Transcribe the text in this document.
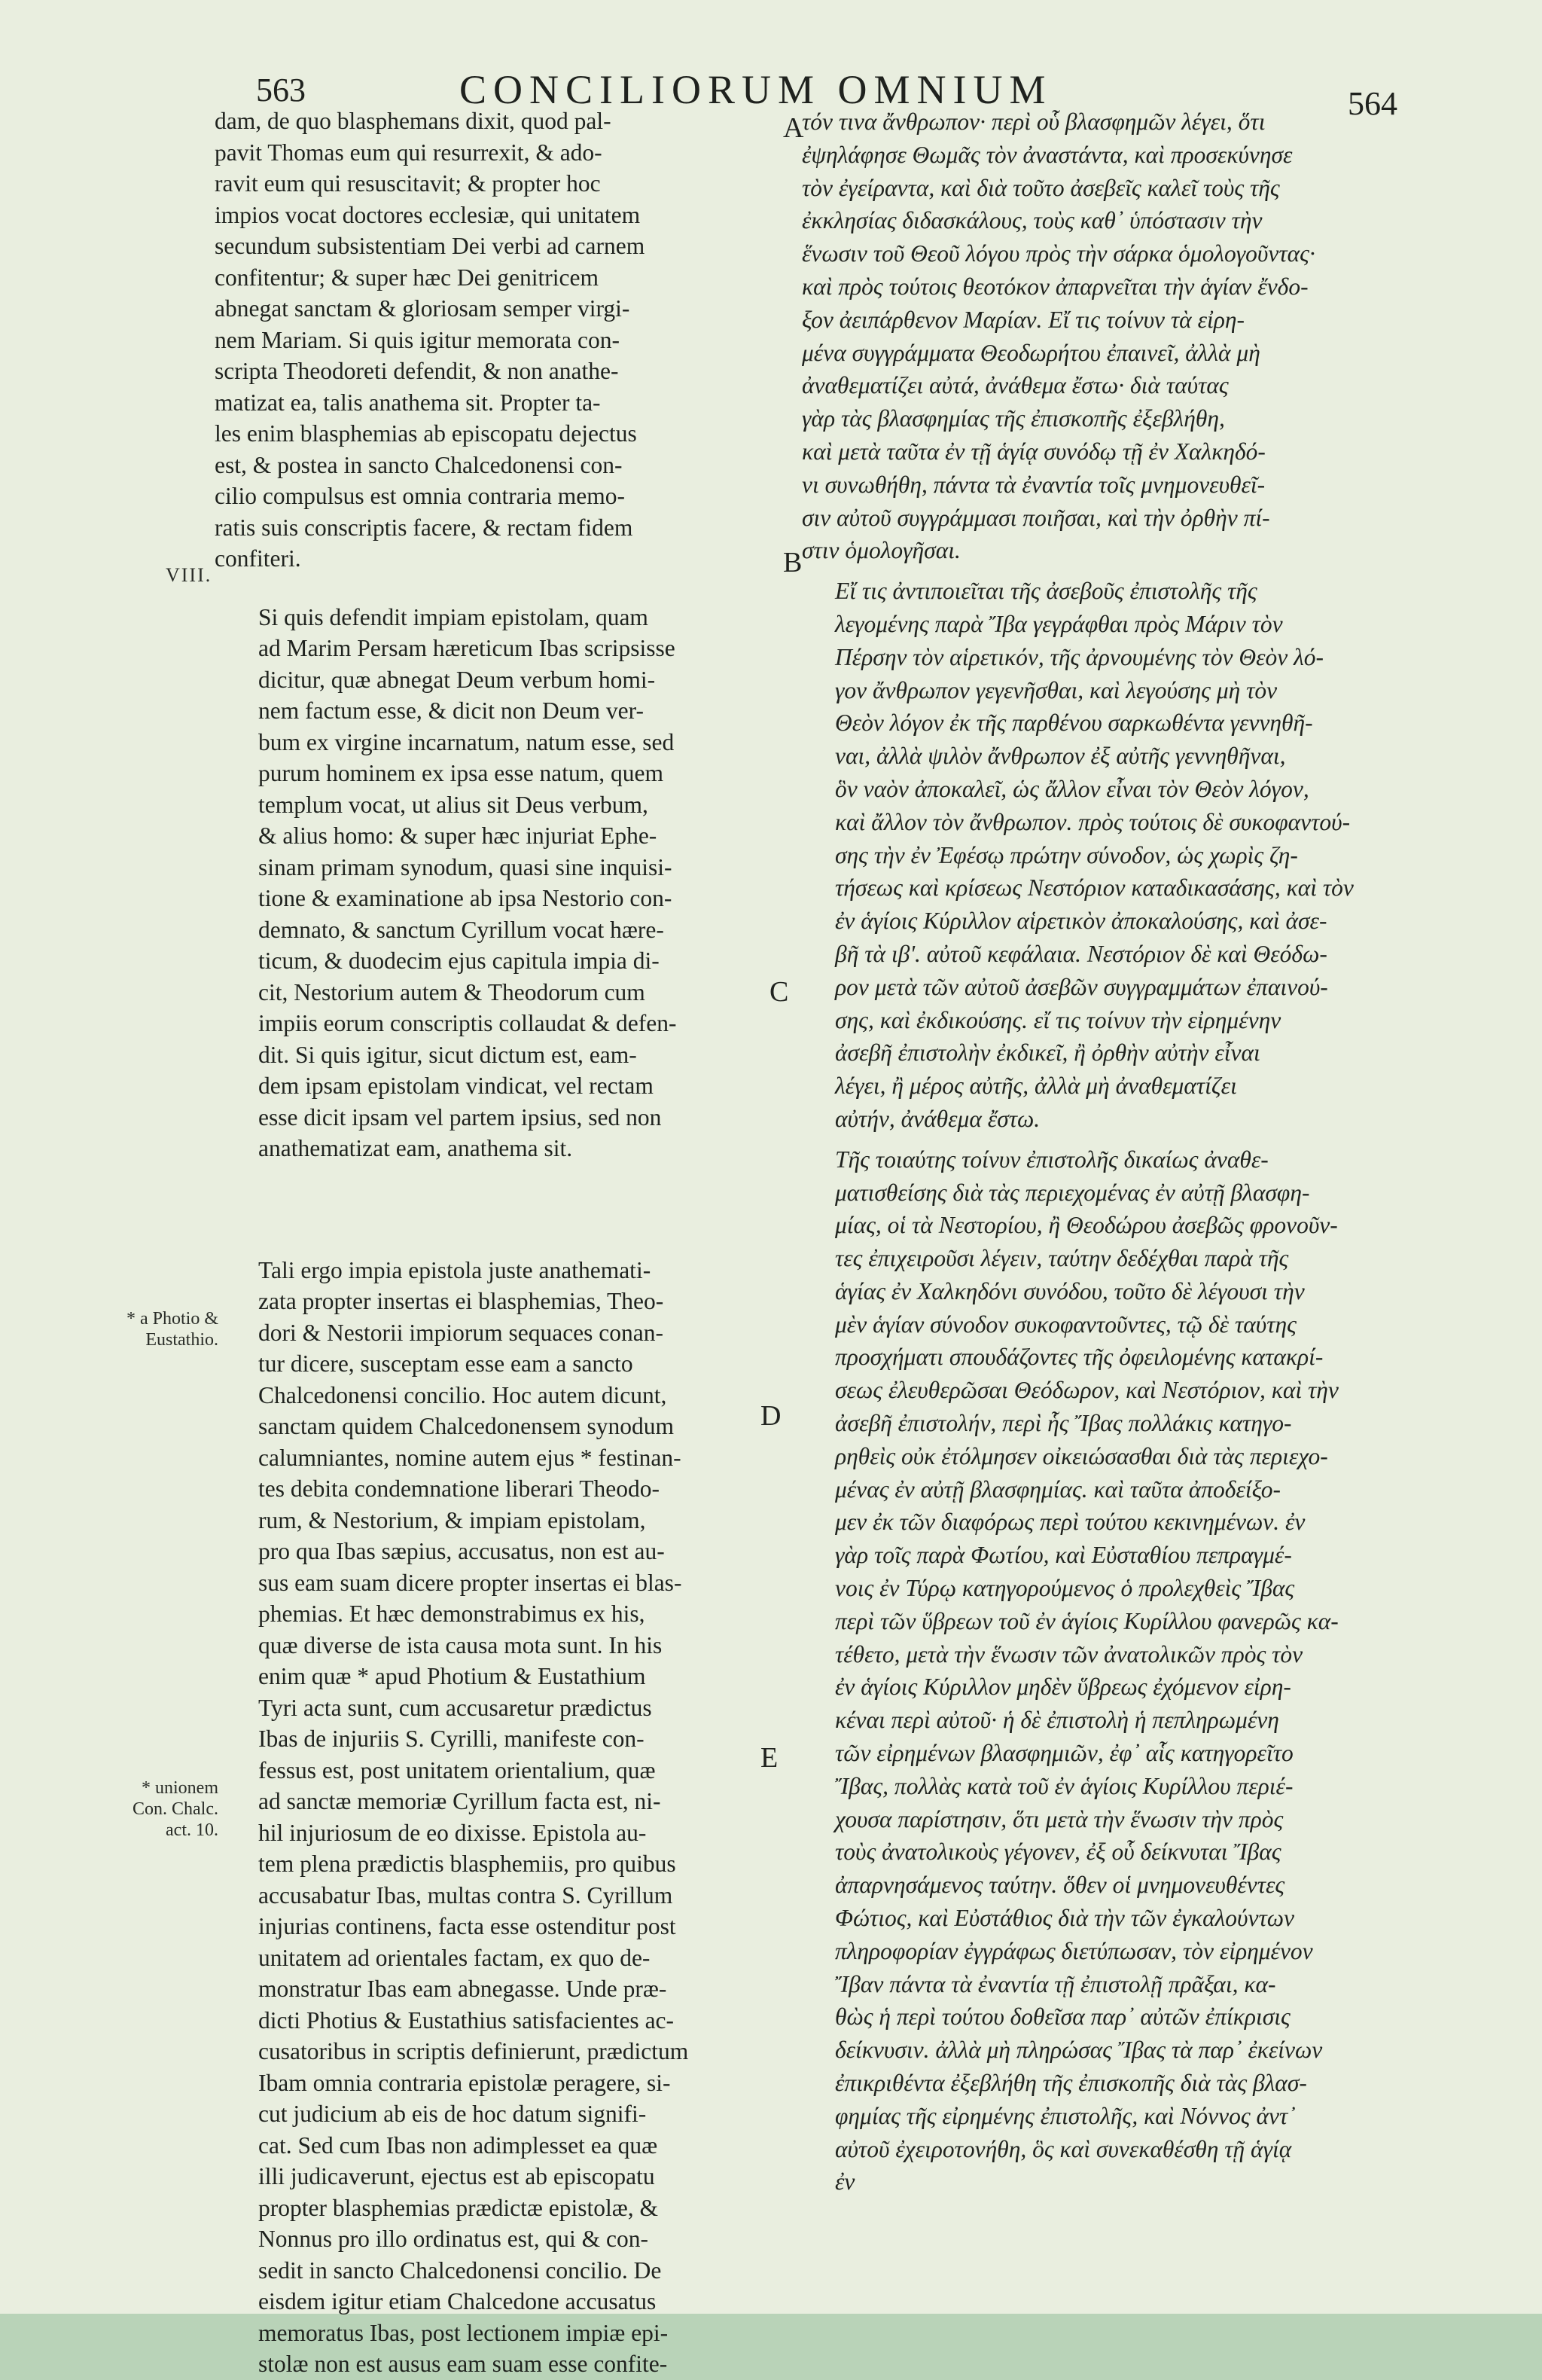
563	CONCILIORUM OMNIUM	564
VIII.
* a Photio & Eustathio.
* unionem Con. Chalc. act. 10.
A
B
C
D
E
dam, de quo blasphemans dixit, quod pal-
pavit Thomas eum qui resurrexit, & ado-
ravit eum qui resuscitavit; & propter hoc
impios vocat doctores ecclesiæ, qui unitatem
secundum subsistentiam Dei verbi ad carnem
confitentur; & super hæc Dei genitricem
abnegat sanctam & gloriosam semper virgi-
nem Mariam. Si quis igitur memorata con-
scripta Theodoreti defendit, & non anathe-
matizat ea, talis anathema sit. Propter ta-
les enim blasphemias ab episcopatu dejectus
est, & postea in sancto Chalcedonensi con-
cilio compulsus est omnia contraria memo-
ratis suis conscriptis facere, & rectam fidem
confiteri.
Si quis defendit impiam epistolam, quam
ad Marim Persam hæreticum Ibas scripsisse
dicitur, quæ abnegat Deum verbum homi-
nem factum esse, & dicit non Deum ver-
bum ex virgine incarnatum, natum esse, sed
purum hominem ex ipsa esse natum, quem
templum vocat, ut alius sit Deus verbum,
& alius homo: & super hæc injuriat Ephe-
sinam primam synodum, quasi sine inquisi-
tione & examinatione ab ipsa Nestorio con-
demnato, & sanctum Cyrillum vocat hære-
ticum, & duodecim ejus capitula impia di-
cit, Nestorium autem & Theodorum cum
impiis eorum conscriptis collaudat & defen-
dit. Si quis igitur, sicut dictum est, eam-
dem ipsam epistolam vindicat, vel rectam
esse dicit ipsam vel partem ipsius, sed non
anathematizat eam, anathema sit.
Tali ergo impia epistola juste anathemati-
zata propter insertas ei blasphemias, Theo-
dori & Nestorii impiorum sequaces conan-
tur dicere, susceptam esse eam a sancto
Chalcedonensi concilio. Hoc autem dicunt,
sanctam quidem Chalcedonensem synodum
calumniantes, nomine autem ejus * festinan-
tes debita condemnatione liberari Theodo-
rum, & Nestorium, & impiam epistolam,
pro qua Ibas sæpius, accusatus, non est au-
sus eam suam dicere propter insertas ei blas-
phemias. Et hæc demonstrabimus ex his,
quæ diverse de ista causa mota sunt. In his
enim quæ * apud Photium & Eustathium
Tyri acta sunt, cum accusaretur prædictus
Ibas de injuriis S. Cyrilli, manifeste con-
fessus est, post unitatem orientalium, quæ
ad sanctæ memoriæ Cyrillum facta est, ni-
hil injuriosum de eo dixisse. Epistola au-
tem plena prædictis blasphemiis, pro quibus
accusabatur Ibas, multas contra S. Cyrillum
injurias continens, facta esse ostenditur post
unitatem ad orientales factam, ex quo de-
monstratur Ibas eam abnegasse. Unde præ-
dicti Photius & Eustathius satisfacientes ac-
cusatoribus in scriptis definierunt, prædictum
Ibam omnia contraria epistolæ peragere, si-
cut judicium ab eis de hoc datum signifi-
cat. Sed cum Ibas non adimplesset ea quæ
illi judicaverunt, ejectus est ab episcopatu
propter blasphemias prædictæ epistolæ, &
Nonnus pro illo ordinatus est, qui & con-
sedit in sancto Chalcedonensi concilio. De
eisdem igitur etiam Chalcedone accusatus
memoratus Ibas, post lectionem impiæ epi-
stolæ non est ausus eam suam esse confite-
τόν τινα ἄνθρωπον· περὶ οὗ βλασφημῶν λέγει, ὅτι
ἐψηλάφησε Θωμᾶς τὸν ἀναστάντα, καὶ προσεκύνησε
τὸν ἐγείραντα, καὶ διὰ τοῦτο ἀσεβεῖς καλεῖ τοὺς τῆς
ἐκκλησίας διδασκάλους, τοὺς καθ᾽ ὑπόστασιν τὴν
ἕνωσιν τοῦ Θεοῦ λόγου πρὸς τὴν σάρκα ὁμολογοῦντας·
καὶ πρὸς τούτοις θεοτόκον ἀπαρνεῖται τὴν ἁγίαν ἔνδο-
ξον ἀειπάρθενον Μαρίαν. Εἴ τις τοίνυν τὰ εἰρη-
μένα συγγράμματα Θεοδωρήτου ἐπαινεῖ, ἀλλὰ μὴ
ἀναθεματίζει αὐτά, ἀνάθεμα ἔστω· διὰ ταύτας
γὰρ τὰς βλασφημίας τῆς ἐπισκοπῆς ἐξεβλήθη,
καὶ μετὰ ταῦτα ἐν τῇ ἁγίᾳ συνόδῳ τῇ ἐν Χαλκηδό-
νι συνωθήθη, πάντα τὰ ἐναντία τοῖς μνημονευθεῖ-
σιν αὐτοῦ συγγράμμασι ποιῆσαι, καὶ τὴν ὀρθὴν πί-
στιν ὁμολογῆσαι.
Εἴ τις ἀντιποιεῖται τῆς ἀσεβοῦς ἐπιστολῆς τῆς
λεγομένης παρὰ Ἴβα γεγράφθαι πρὸς Μάριν τὸν
Πέρσην τὸν αἱρετικόν, τῆς ἀρνουμένης τὸν Θεὸν λό-
γον ἄνθρωπον γεγενῆσθαι, καὶ λεγούσης μὴ τὸν
Θεὸν λόγον ἐκ τῆς παρθένου σαρκωθέντα γεννηθῆ-
ναι, ἀλλὰ ψιλὸν ἄνθρωπον ἐξ αὐτῆς γεννηθῆναι,
ὃν ναὸν ἀποκαλεῖ, ὡς ἄλλον εἶναι τὸν Θεὸν λόγον,
καὶ ἄλλον τὸν ἄνθρωπον. πρὸς τούτοις δὲ συκοφαντού-
σης τὴν ἐν Ἐφέσῳ πρώτην σύνοδον, ὡς χωρὶς ζη-
τήσεως καὶ κρίσεως Νεστόριον καταδικασάσης, καὶ τὸν
ἐν ἁγίοις Κύριλλον αἱρετικὸν ἀποκαλούσης, καὶ ἀσε-
βῆ τὰ ιβʹ. αὐτοῦ κεφάλαια. Νεστόριον δὲ καὶ Θεόδω-
ρον μετὰ τῶν αὐτοῦ ἀσεβῶν συγγραμμάτων ἐπαινού-
σης, καὶ ἐκδικούσης. εἴ τις τοίνυν τὴν εἰρημένην
ἀσεβῆ ἐπιστολὴν ἐκδικεῖ, ἢ ὀρθὴν αὐτὴν εἶναι
λέγει, ἢ μέρος αὐτῆς, ἀλλὰ μὴ ἀναθεματίζει
αὐτήν, ἀνάθεμα ἔστω.
Τῆς τοιαύτης τοίνυν ἐπιστολῆς δικαίως ἀναθε-
ματισθείσης διὰ τὰς περιεχομένας ἐν αὐτῇ βλασφη-
μίας, οἱ τὰ Νεστορίου, ἢ Θεοδώρου ἀσεβῶς φρονοῦν-
τες ἐπιχειροῦσι λέγειν, ταύτην δεδέχθαι παρὰ τῆς
ἁγίας ἐν Χαλκηδόνι συνόδου, τοῦτο δὲ λέγουσι τὴν
μὲν ἁγίαν σύνοδον συκοφαντοῦντες, τῷ δὲ ταύτης
προσχήματι σπουδάζοντες τῆς ὀφειλομένης κατακρί-
σεως ἐλευθερῶσαι Θεόδωρον, καὶ Νεστόριον, καὶ τὴν
ἀσεβῆ ἐπιστολήν, περὶ ἧς Ἴβας πολλάκις κατηγο-
ρηθεὶς οὐκ ἐτόλμησεν οἰκειώσασθαι διὰ τὰς περιεχο-
μένας ἐν αὐτῇ βλασφημίας. καὶ ταῦτα ἀποδείξο-
μεν ἐκ τῶν διαφόρως περὶ τούτου κεκινημένων. ἐν
γὰρ τοῖς παρὰ Φωτίου, καὶ Εὐσταθίου πεπραγμέ-
νοις ἐν Τύρῳ κατηγορούμενος ὁ προλεχθεὶς Ἴβας
περὶ τῶν ὕβρεων τοῦ ἐν ἁγίοις Κυρίλλου φανερῶς κα-
τέθετο, μετὰ τὴν ἕνωσιν τῶν ἀνατολικῶν πρὸς τὸν
ἐν ἁγίοις Κύριλλον μηδὲν ὕβρεως ἐχόμενον εἰρη-
κέναι περὶ αὐτοῦ· ἡ δὲ ἐπιστολὴ ἡ πεπληρωμένη
τῶν εἰρημένων βλασφημιῶν, ἐφ᾽ αἷς κατηγορεῖτο
Ἴβας, πολλὰς κατὰ τοῦ ἐν ἁγίοις Κυρίλλου περιέ-
χουσα παρίστησιν, ὅτι μετὰ τὴν ἕνωσιν τὴν πρὸς
τοὺς ἀνατολικοὺς γέγονεν, ἐξ οὗ δείκνυται Ἴβας
ἀπαρνησάμενος ταύτην. ὅθεν οἱ μνημονευθέντες
Φώτιος, καὶ Εὐστάθιος διὰ τὴν τῶν ἐγκαλούντων
πληροφορίαν ἐγγράφως διετύπωσαν, τὸν εἰρημένον
Ἴβαν πάντα τὰ ἐναντία τῇ ἐπιστολῇ πρᾶξαι, κα-
θὼς ἡ περὶ τούτου δοθεῖσα παρ᾽ αὐτῶν ἐπίκρισις
δείκνυσιν. ἀλλὰ μὴ πληρώσας Ἴβας τὰ παρ᾽ ἐκείνων
ἐπικριθέντα ἐξεβλήθη τῆς ἐπισκοπῆς διὰ τὰς βλασ-
φημίας τῆς εἰρημένης ἐπιστολῆς, καὶ Νόννος ἀντ᾽
αὐτοῦ ἐχειροτονήθη, ὃς καὶ συνεκαθέσθη τῇ ἁγίᾳ
ἐν
